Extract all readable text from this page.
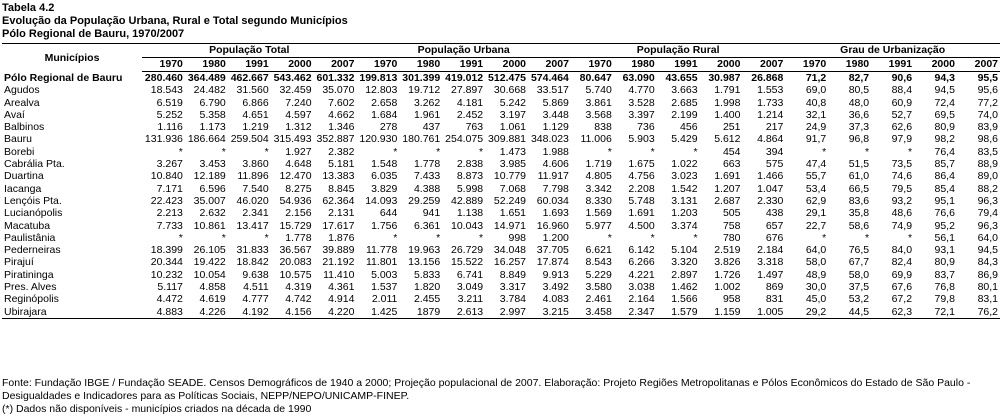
Tabela 4.2
Evolução da População Urbana, Rural e Total segundo Municípios
Pólo Regional de Bauru, 1970/2007
Municípios	População Total					População Urbana					População Rural					Grau de Urbanização				
	1970	1980	1991	2000	2007	1970	1980	1991	2000	2007	1970	1980	1991	2000	2007	1970	1980	1991	2000	2007
Pólo Regional de Bauru	280.460	364.489	462.667	543.462	601.332	199.813	301.399	419.012	512.475	574.464	80.647	63.090	43.655	30.987	26.868	71,2	82,7	90,6	94,3	95,5
Agudos	18.543	24.482	31.560	32.459	35.070	12.803	19.712	27.897	30.668	33.517	5.740	4.770	3.663	1.791	1.553	69,0	80,5	88,4	94,5	95,6
Arealva	6.519	6.790	6.866	7.240	7.602	2.658	3.262	4.181	5.242	5.869	3.861	3.528	2.685	1.998	1.733	40,8	48,0	60,9	72,4	77,2
Avaí	5.252	5.358	4.651	4.597	4.662	1.684	1.961	2.452	3.197	3.448	3.568	3.397	2.199	1.400	1.214	32,1	36,6	52,7	69,5	74,0
Balbinos	1.116	1.173	1.219	1.312	1.346	278	437	763	1.061	1.129	838	736	456	251	217	24,9	37,3	62,6	80,9	83,9
Bauru	131.936	186.664	259.504	315.493	352.887	120.930	180.761	254.075	309.881	348.023	11.006	5.903	5.429	5.612	4.864	91,7	96,8	97,9	98,2	98,6
Borebi	*	*	*	1.927	2.382	*	*	*	1.473	1.988	*	*	*	454	394	*	*	*	76,4	83,5
Cabrália Pta.	3.267	3.453	3.860	4.648	5.181	1.548	1.778	2.838	3.985	4.606	1.719	1.675	1.022	663	575	47,4	51,5	73,5	85,7	88,9
Duartina	10.840	12.189	11.896	12.470	13.383	6.035	7.433	8.873	10.779	11.917	4.805	4.756	3.023	1.691	1.466	55,7	61,0	74,6	86,4	89,0
Iacanga	7.171	6.596	7.540	8.275	8.845	3.829	4.388	5.998	7.068	7.798	3.342	2.208	1.542	1.207	1.047	53,4	66,5	79,5	85,4	88,2
Lençóis Pta.	22.423	35.007	46.020	54.936	62.364	14.093	29.259	42.889	52.249	60.034	8.330	5.748	3.131	2.687	2.330	62,9	83,6	93,2	95,1	96,3
Lucianópolis	2.213	2.632	2.341	2.156	2.131	644	941	1.138	1.651	1.693	1.569	1.691	1.203	505	438	29,1	35,8	48,6	76,6	79,4
Macatuba	7.733	10.861	13.417	15.729	17.617	1.756	6.361	10.043	14.971	16.960	5.977	4.500	3.374	758	657	22,7	58,6	74,9	95,2	96,3
Paulistânia	*	*	*	1.778	1.876	*	*	*	998	1.200	*	*	*	780	676	*	*	*	56,1	64,0
Pederneiras	18.399	26.105	31.833	36.567	39.889	11.778	19.963	26.729	34.048	37.705	6.621	6.142	5.104	2.519	2.184	64,0	76,5	84,0	93,1	94,5
Pirajuí	20.344	19.422	18.842	20.083	21.192	11.801	13.156	15.522	16.257	17.874	8.543	6.266	3.320	3.826	3.318	58,0	67,7	82,4	80,9	84,3
Piratininga	10.232	10.054	9.638	10.575	11.410	5.003	5.833	6.741	8.849	9.913	5.229	4.221	2.897	1.726	1.497	48,9	58,0	69,9	83,7	86,9
Pres. Alves	5.117	4.858	4.511	4.319	4.361	1.537	1.820	3.049	3.317	3.492	3.580	3.038	1.462	1.002	869	30,0	37,5	67,6	76,8	80,1
Reginópolis	4.472	4.619	4.777	4.742	4.914	2.011	2.455	3.211	3.784	4.083	2.461	2.164	1.566	958	831	45,0	53,2	67,2	79,8	83,1
Ubirajara	4.883	4.226	4.192	4.156	4.220	1.425	1879	2.613	2.997	3.215	3.458	2.347	1.579	1.159	1.005	29,2	44,5	62,3	72,1	76,2
Fonte: Fundação IBGE / Fundação SEADE. Censos Demográficos de 1940 a 2000; Projeção populacional de 2007. Elaboração: Projeto Regiões Metropolitanas e Pólos Econômicos do Estado de São Paulo - Desigualdades e Indicadores para as Políticas Sociais, NEPP/NEPO/UNICAMP-FINEP.
(*) Dados não disponíveis - municípios criados na década de 1990
